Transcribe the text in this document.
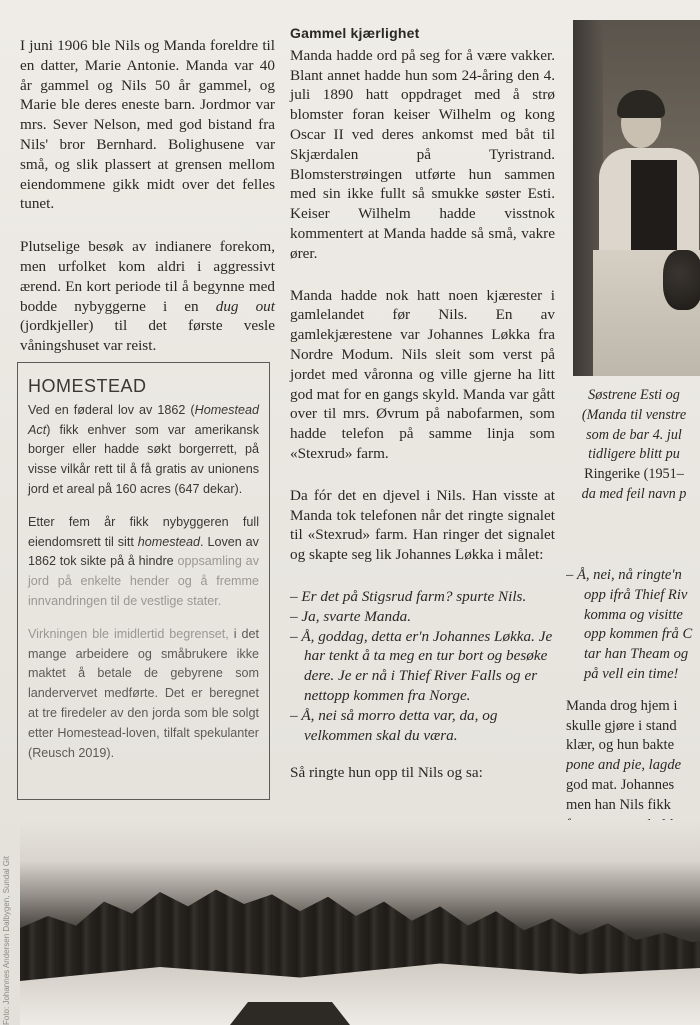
I juni 1906 ble Nils og Manda foreldre til en datter, Marie Antonie. Manda var 40 år gammel og Nils 50 år gammel, og Marie ble deres eneste barn. Jordmor var mrs. Sever Nelson, med god bistand fra Nils' bror Bernhard. Bolighusene var små, og slik plassert at grensen mellom eiendommene gikk midt over det felles tunet.

Plutselige besøk av indianere forekom, men urfolket kom aldri i aggressivt ærend. En kort periode til å begynne med bodde nybyggerne i en dug out (jordkjeller) til det første vesle våningshuset var reist.

HOMESTEAD

Ved en føderal lov av 1862 (Homestead Act) fikk enhver som var amerikansk borger eller hadde søkt borgerrett, på visse vilkår rett til å få gratis av unionens jord et areal på 160 acres (647 dekar).

Etter fem år fikk nybyggeren full eiendomsrett til sitt homestead. Loven av 1862 tok sikte på å hindre oppsamling av jord på enkelte hender og å fremme innvandringen til de vestlige stater.

Virkningen ble imidlertid begrenset, i det mange arbeidere og småbrukere ikke maktet å betale de gebyrene som landervervet medførte. Det er beregnet at tre firedeler av den jorda som ble solgt etter Homestead-loven, tilfalt spekulanter (Reusch 2019).

Gammel kjærlighet

Manda hadde ord på seg for å være vakker. Blant annet hadde hun som 24-åring den 4. juli 1890 hatt oppdraget med å strø blomster foran keiser Wilhelm og kong Oscar II ved deres ankomst med båt til Skjærdalen på Tyristrand. Blomsterstrøingen utførte hun sammen med sin ikke fullt så smukke søster Esti. Keiser Wilhelm hadde visstnok kommentert at Manda hadde så små, vakre ører.

Manda hadde nok hatt noen kjærester i gamlelandet før Nils. En av gamlekjærestene var Johannes Løkka fra Nordre Modum. Nils sleit som verst på jordet med våronna og ville gjerne ha litt god mat for en gangs skyld. Manda var gått over til mrs. Øvrum på nabofarmen, som hadde telefon på samme linja som «Stexrud» farm.

Da fór det en djevel i Nils. Han visste at Manda tok telefonen når det ringte signalet til «Stexrud» farm. Han ringer det signalet og skapte seg lik Johannes Løkka i målet:

– Er det på Stigsrud farm? spurte Nils.

– Ja, svarte Manda.

– Å, goddag, detta er'n Johannes Løkka. Je har tenkt å ta meg en tur bort og besøke dere. Je er nå i Thief River Falls og er nettopp kommen fra Norge.

– Å, nei så morro detta var, da, og velkommen skal du væra.

Så ringte hun opp til Nils og sa:

Søstrene Esti og
(Manda til venstre
som de bar 4. jul
tidligere blitt pu
Ringerike (1951–
da med feil navn p
– Å, nei, nå ringte'n
opp ifrå Thief Riv
komma og visitte
opp kommen frå C
tar han Theam og
på vell ein time!
Manda drog hjem i
skulle gjøre i stand
klær, og hun bakte
pone and pie, lagde
god mat. Johannes
men han Nils fikk
Foto: Johannes Andersen Dalbygen, Sundal Git
